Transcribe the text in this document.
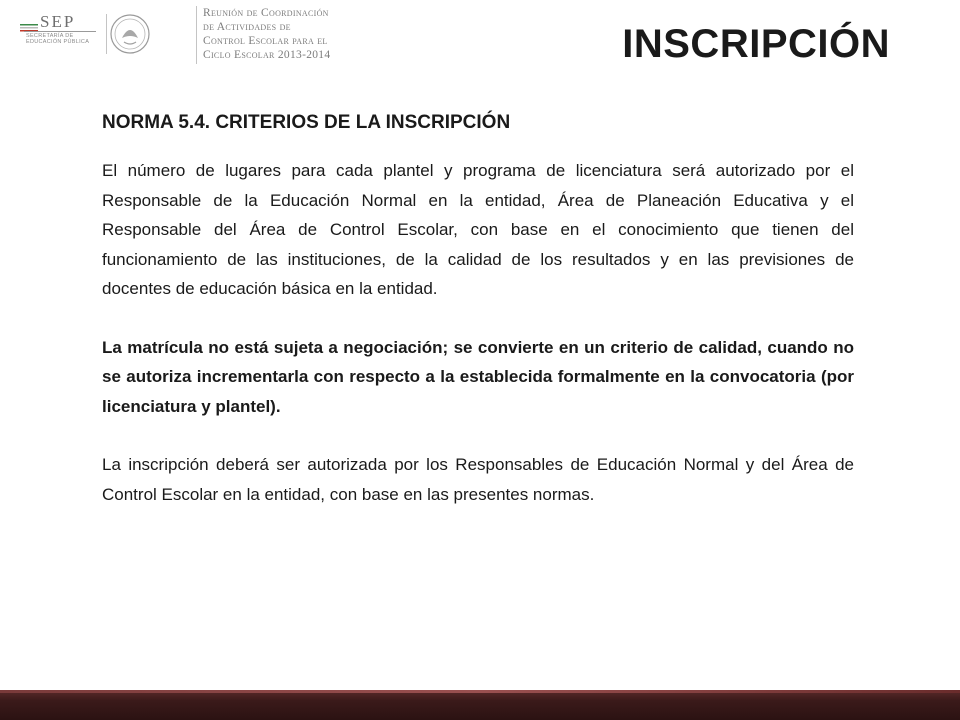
SEP
SECRETARÍA DE EDUCACIÓN PÚBLICA
Reunión de Coordinación
de Actividades de
Control Escolar para el
Ciclo Escolar 2013-2014	INSCRIPCIÓN
NORMA 5.4. CRITERIOS DE LA INSCRIPCIÓN

El número de lugares para cada plantel y programa de licenciatura será autorizado por el Responsable de la Educación Normal en la entidad, Área de Planeación Educativa y el Responsable del Área de Control Escolar, con base en el conocimiento que tienen del funcionamiento de las instituciones, de la calidad de los resultados y en las previsiones de docentes de educación básica en la entidad.

La matrícula no está sujeta a negociación; se convierte en un criterio de calidad, cuando no se autoriza incrementarla con respecto a la establecida formalmente en la convocatoria (por licenciatura y plantel).

La inscripción deberá ser autorizada por los Responsables de Educación Normal y del Área de Control Escolar en la entidad, con base en las presentes normas.
